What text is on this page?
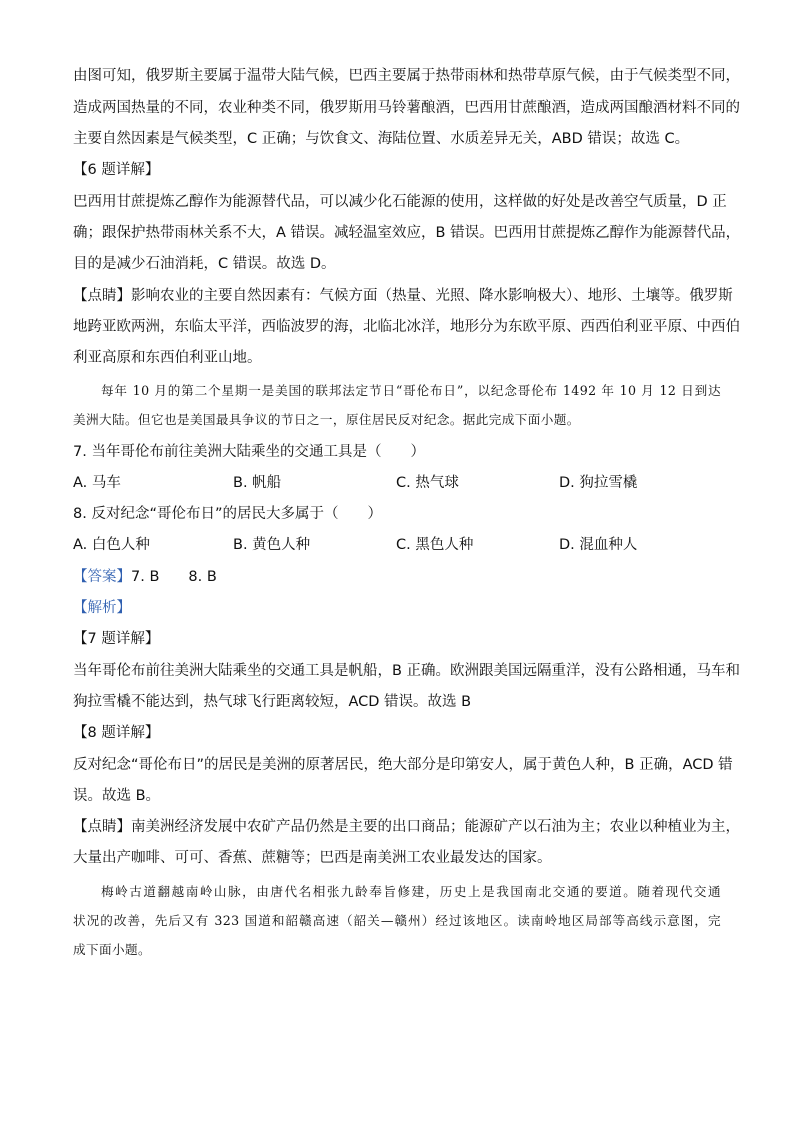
由图可知，俄罗斯主要属于温带大陆气候，巴西主要属于热带雨林和热带草原气候，由于气候类型不同，
造成两国热量的不同，农业种类不同，俄罗斯用马铃薯酿酒，巴西用甘蔗酿酒，造成两国酿酒材料不同的
主要自然因素是气候类型，C 正确；与饮食文、海陆位置、水质差异无关，ABD 错误；故选 C。
【6 题详解】
巴西用甘蔗提炼乙醇作为能源替代品，可以减少化石能源的使用，这样做的好处是改善空气质量，D 正
确；跟保护热带雨林关系不大，A 错误。减轻温室效应，B 错误。巴西用甘蔗提炼乙醇作为能源替代品，
目的是减少石油消耗，C 错误。故选 D。
【点睛】影响农业的主要自然因素有：气候方面（热量、光照、降水影响极大）、地形、土壤等。俄罗斯
地跨亚欧两洲，东临太平洋，西临波罗的海，北临北冰洋，地形分为东欧平原、西西伯利亚平原、中西伯
利亚高原和东西伯利亚山地。
每年 10 月的第二个星期一是美国的联邦法定节日“哥伦布日”，以纪念哥伦布 1492 年 10 月 12 日到达
美洲大陆。但它也是美国最具争议的节日之一，原住居民反对纪念。据此完成下面小题。
7. 当年哥伦布前往美洲大陆乘坐的交通工具是（　　）
A. 马车	B. 帆船	C. 热气球	D. 狗拉雪橇
8. 反对纪念“哥伦布日”的居民大多属于（　　）
A. 白色人种	B. 黄色人种	C. 黑色人种	D. 混血种人
【答案】7. B　　8. B
【解析】
【7 题详解】
当年哥伦布前往美洲大陆乘坐的交通工具是帆船，B 正确。欧洲跟美国远隔重洋，没有公路相通，马车和
狗拉雪橇不能达到，热气球飞行距离较短，ACD 错误。故选 B
【8 题详解】
反对纪念“哥伦布日”的居民是美洲的原著居民，绝大部分是印第安人，属于黄色人种，B 正确，ACD 错
误。故选 B。
【点睛】南美洲经济发展中农矿产品仍然是主要的出口商品；能源矿产以石油为主；农业以种植业为主，
大量出产咖啡、可可、香蕉、蔗糖等；巴西是南美洲工农业最发达的国家。
梅岭古道翻越南岭山脉，由唐代名相张九龄奉旨修建，历史上是我国南北交通的要道。随着现代交通
状况的改善，先后又有 323 国道和韶赣高速（韶关—赣州）经过该地区。读南岭地区局部等高线示意图，完
成下面小题。
